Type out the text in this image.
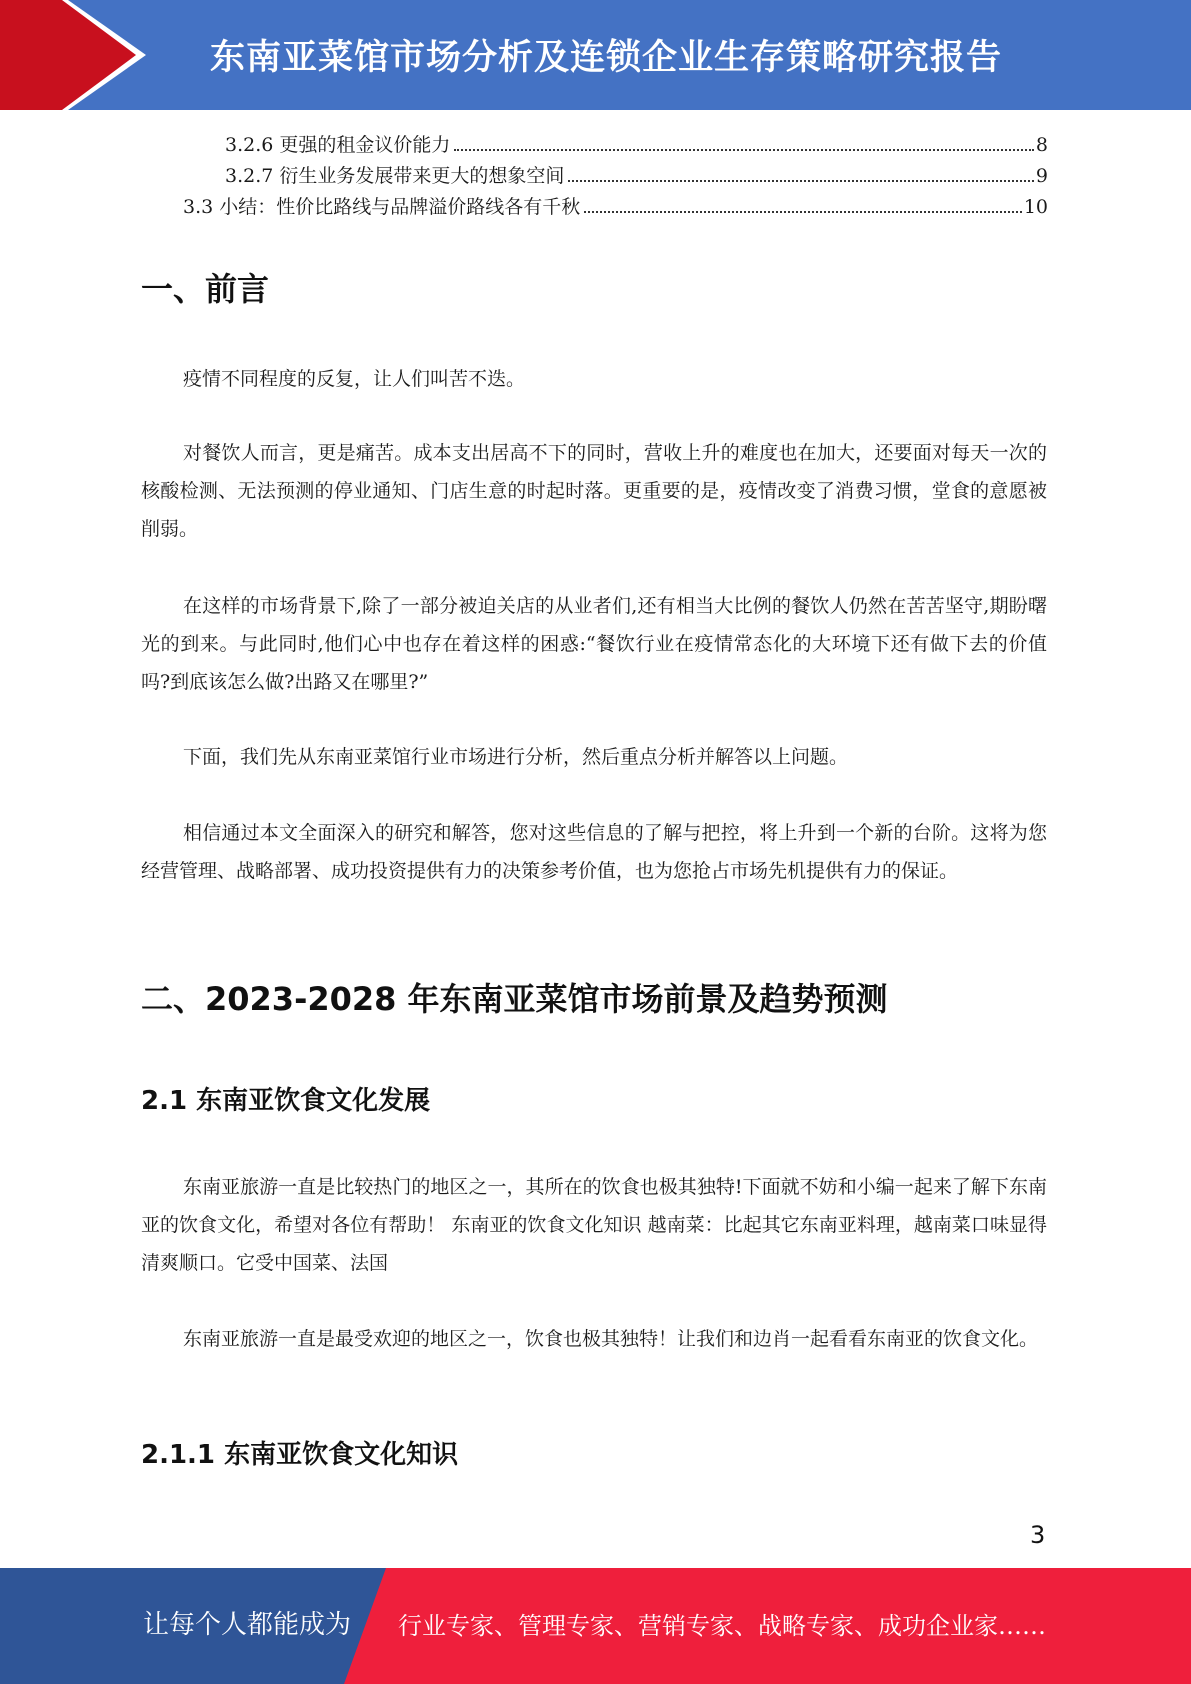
东南亚菜馆市场分析及连锁企业生存策略研究报告
3.2.6 更强的租金议价能力	8
3.2.7 衍生业务发展带来更大的想象空间	9
3.3 小结：性价比路线与品牌溢价路线各有千秋	10
一、前言

疫情不同程度的反复，让人们叫苦不迭。

对餐饮人而言，更是痛苦。成本支出居高不下的同时，营收上升的难度也在加大，还要面对每天一次的核酸检测、无法预测的停业通知、门店生意的时起时落。更重要的是，疫情改变了消费习惯，堂食的意愿被削弱。

在这样的市场背景下,除了一部分被迫关店的从业者们,还有相当大比例的餐饮人仍然在苦苦坚守,期盼曙光的到来。与此同时,他们心中也存在着这样的困惑:“餐饮行业在疫情常态化的大环境下还有做下去的价值吗?到底该怎么做?出路又在哪里?”

下面，我们先从东南亚菜馆行业市场进行分析，然后重点分析并解答以上问题。

相信通过本文全面深入的研究和解答，您对这些信息的了解与把控，将上升到一个新的台阶。这将为您经营管理、战略部署、成功投资提供有力的决策参考价值，也为您抢占市场先机提供有力的保证。

二、2023-2028 年东南亚菜馆市场前景及趋势预测
2.1 东南亚饮食文化发展

东南亚旅游一直是比较热门的地区之一，其所在的饮食也极其独特!下面就不妨和小编一起来了解下东南亚的饮食文化，希望对各位有帮助！ 东南亚的饮食文化知识 越南菜：比起其它东南亚料理，越南菜口味显得清爽顺口。它受中国菜、法国

东南亚旅游一直是最受欢迎的地区之一，饮食也极其独特！让我们和边肖一起看看东南亚的饮食文化。

2.1.1 东南亚饮食文化知识
3
让每个人都能成为 行业专家、管理专家、营销专家、战略专家、成功企业家……
